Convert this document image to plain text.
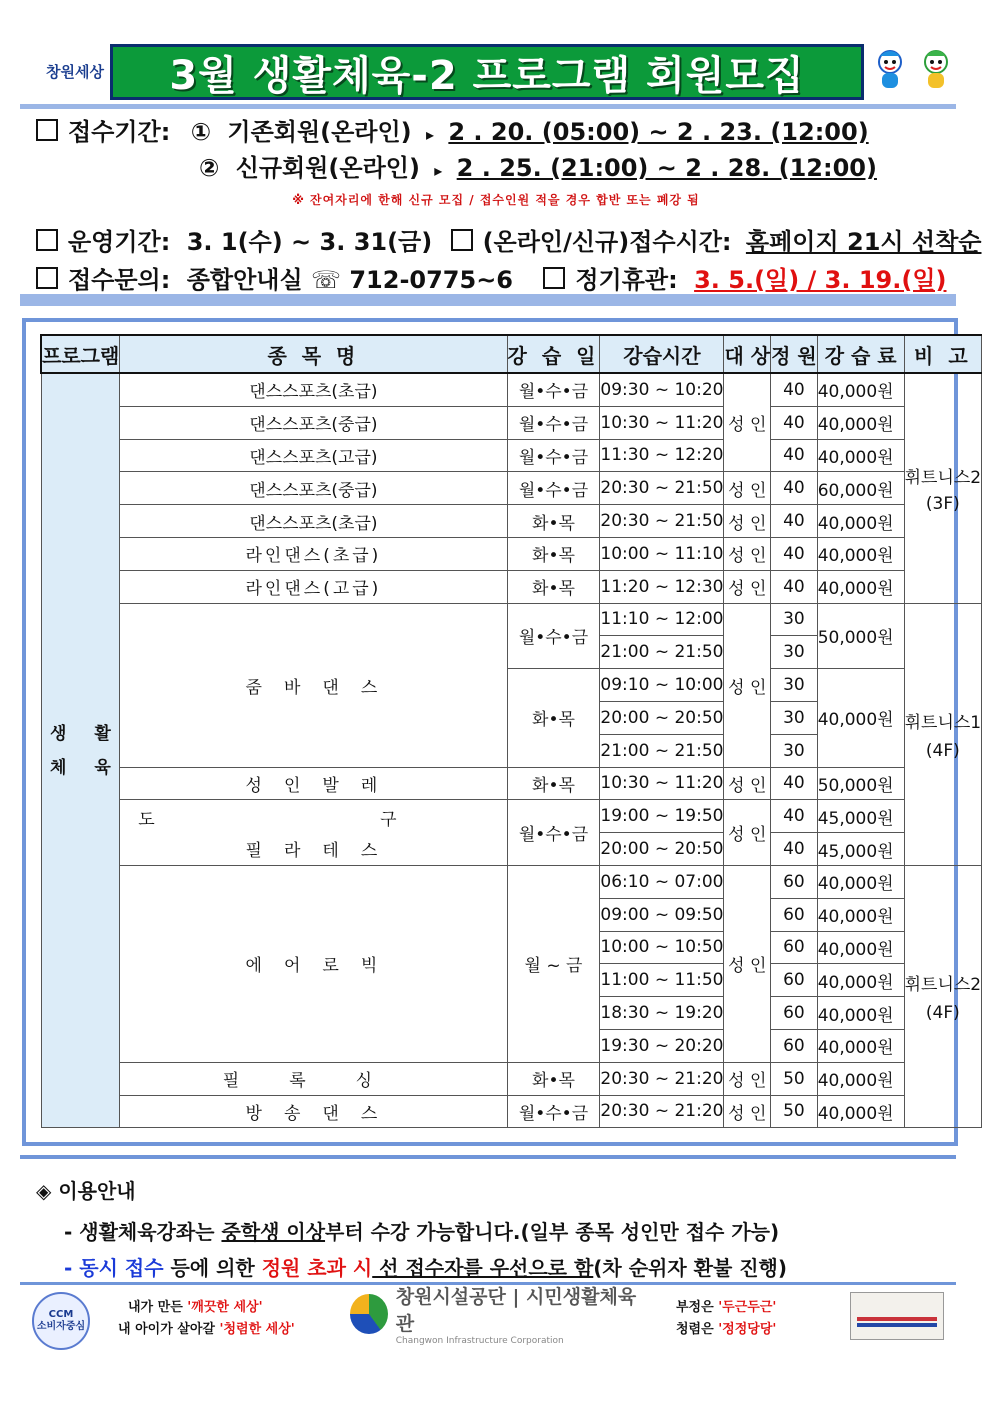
창원세상 3월 생활체육-2 프로그램 회원모집
접수기간: ① 기존회원(온라인) ▸ 2 . 20. (05:00) ~ 2 . 23. (12:00)
② 신규회원(온라인) ▸ 2 . 25. (21:00) ~ 2 . 28. (12:00)
※ 잔여자리에 한해 신규 모집 / 접수인원 적을 경우 합반 또는 폐강 됨
운영기간: 3. 1(수) ~ 3. 31(금) (온라인/신규)접수시간: 홈페이지 21시 선착순
접수문의: 종합안내실 ☏ 712-0775~6	정기휴관: 3. 5.(일) / 3. 19.(일)
프로그램	종 목 명	강 습 일	강습시간	대 상	정 원	강 습 료	비 고

생 활 체 육	댄스스포츠(초급)	월•수•금	09:30 ~ 10:20	성 인	40	40,000원	휘트니스2
(3F)

	댄스스포츠(중급)	월•수•금	10:30 ~ 11:20		40	40,000원	
	댄스스포츠(고급)	월•수•금	11:30 ~ 12:20		40	40,000원	
	댄스스포츠(중급)	월•수•금	20:30 ~ 21:50	성 인	40	60,000원	
	댄스스포츠(초급)	화•목	20:30 ~ 21:50	성 인	40	40,000원	
	라인댄스(초급)	화•목	10:00 ~ 11:10	성 인	40	40,000원	
	라인댄스(고급)	화•목	11:20 ~ 12:30	성 인	40	40,000원	
	줌바댄스	월•수•금	11:10 ~ 12:00	성 인	30	50,000원	휘트니스1
(4F)

			21:00 ~ 21:50		30		
		화•목	09:10 ~ 10:00		30	40,000원	
			20:00 ~ 20:50		30		
			21:00 ~ 21:50		30		
	성인발레	화•목	10:30 ~ 11:20	성 인	40	50,000원	

	도 구
필라테스	월•수•금	19:00 ~ 19:50	성 인	40	45,000원	
			20:00 ~ 20:50		40	45,000원	
	에어로빅	월 ~ 금	06:10 ~ 07:00	성 인	60	40,000원	휘트니스2
(4F)

			09:00 ~ 09:50		60	40,000원	
			10:00 ~ 10:50		60	40,000원	
			11:00 ~ 11:50		60	40,000원	
			18:30 ~ 19:20		60	40,000원	
			19:30 ~ 20:20		60	40,000원	
	필록싱	화•목	20:30 ~ 21:20	성 인	50	40,000원	
	방송댄스	월•수•금	20:30 ~ 21:20	성 인	50	40,000원	
◈ 이용안내
- 생활체육강좌는 중학생 이상부터 수강 가능합니다.(일부 종목 성인만 접수 가능)
- 동시 접수 등에 의한 정원 초과 시 선 접수자를 우선으로 함(차 순위자 환불 진행)
CCM
소비자중심
내가 만든 '깨끗한 세상'
내 아이가 살아갈 '청렴한 세상'
창원시설공단 | 시민생활체육관
Changwon Infrastructure Corporation
부정은 '두근두근'
청렴은 '정정당당'
